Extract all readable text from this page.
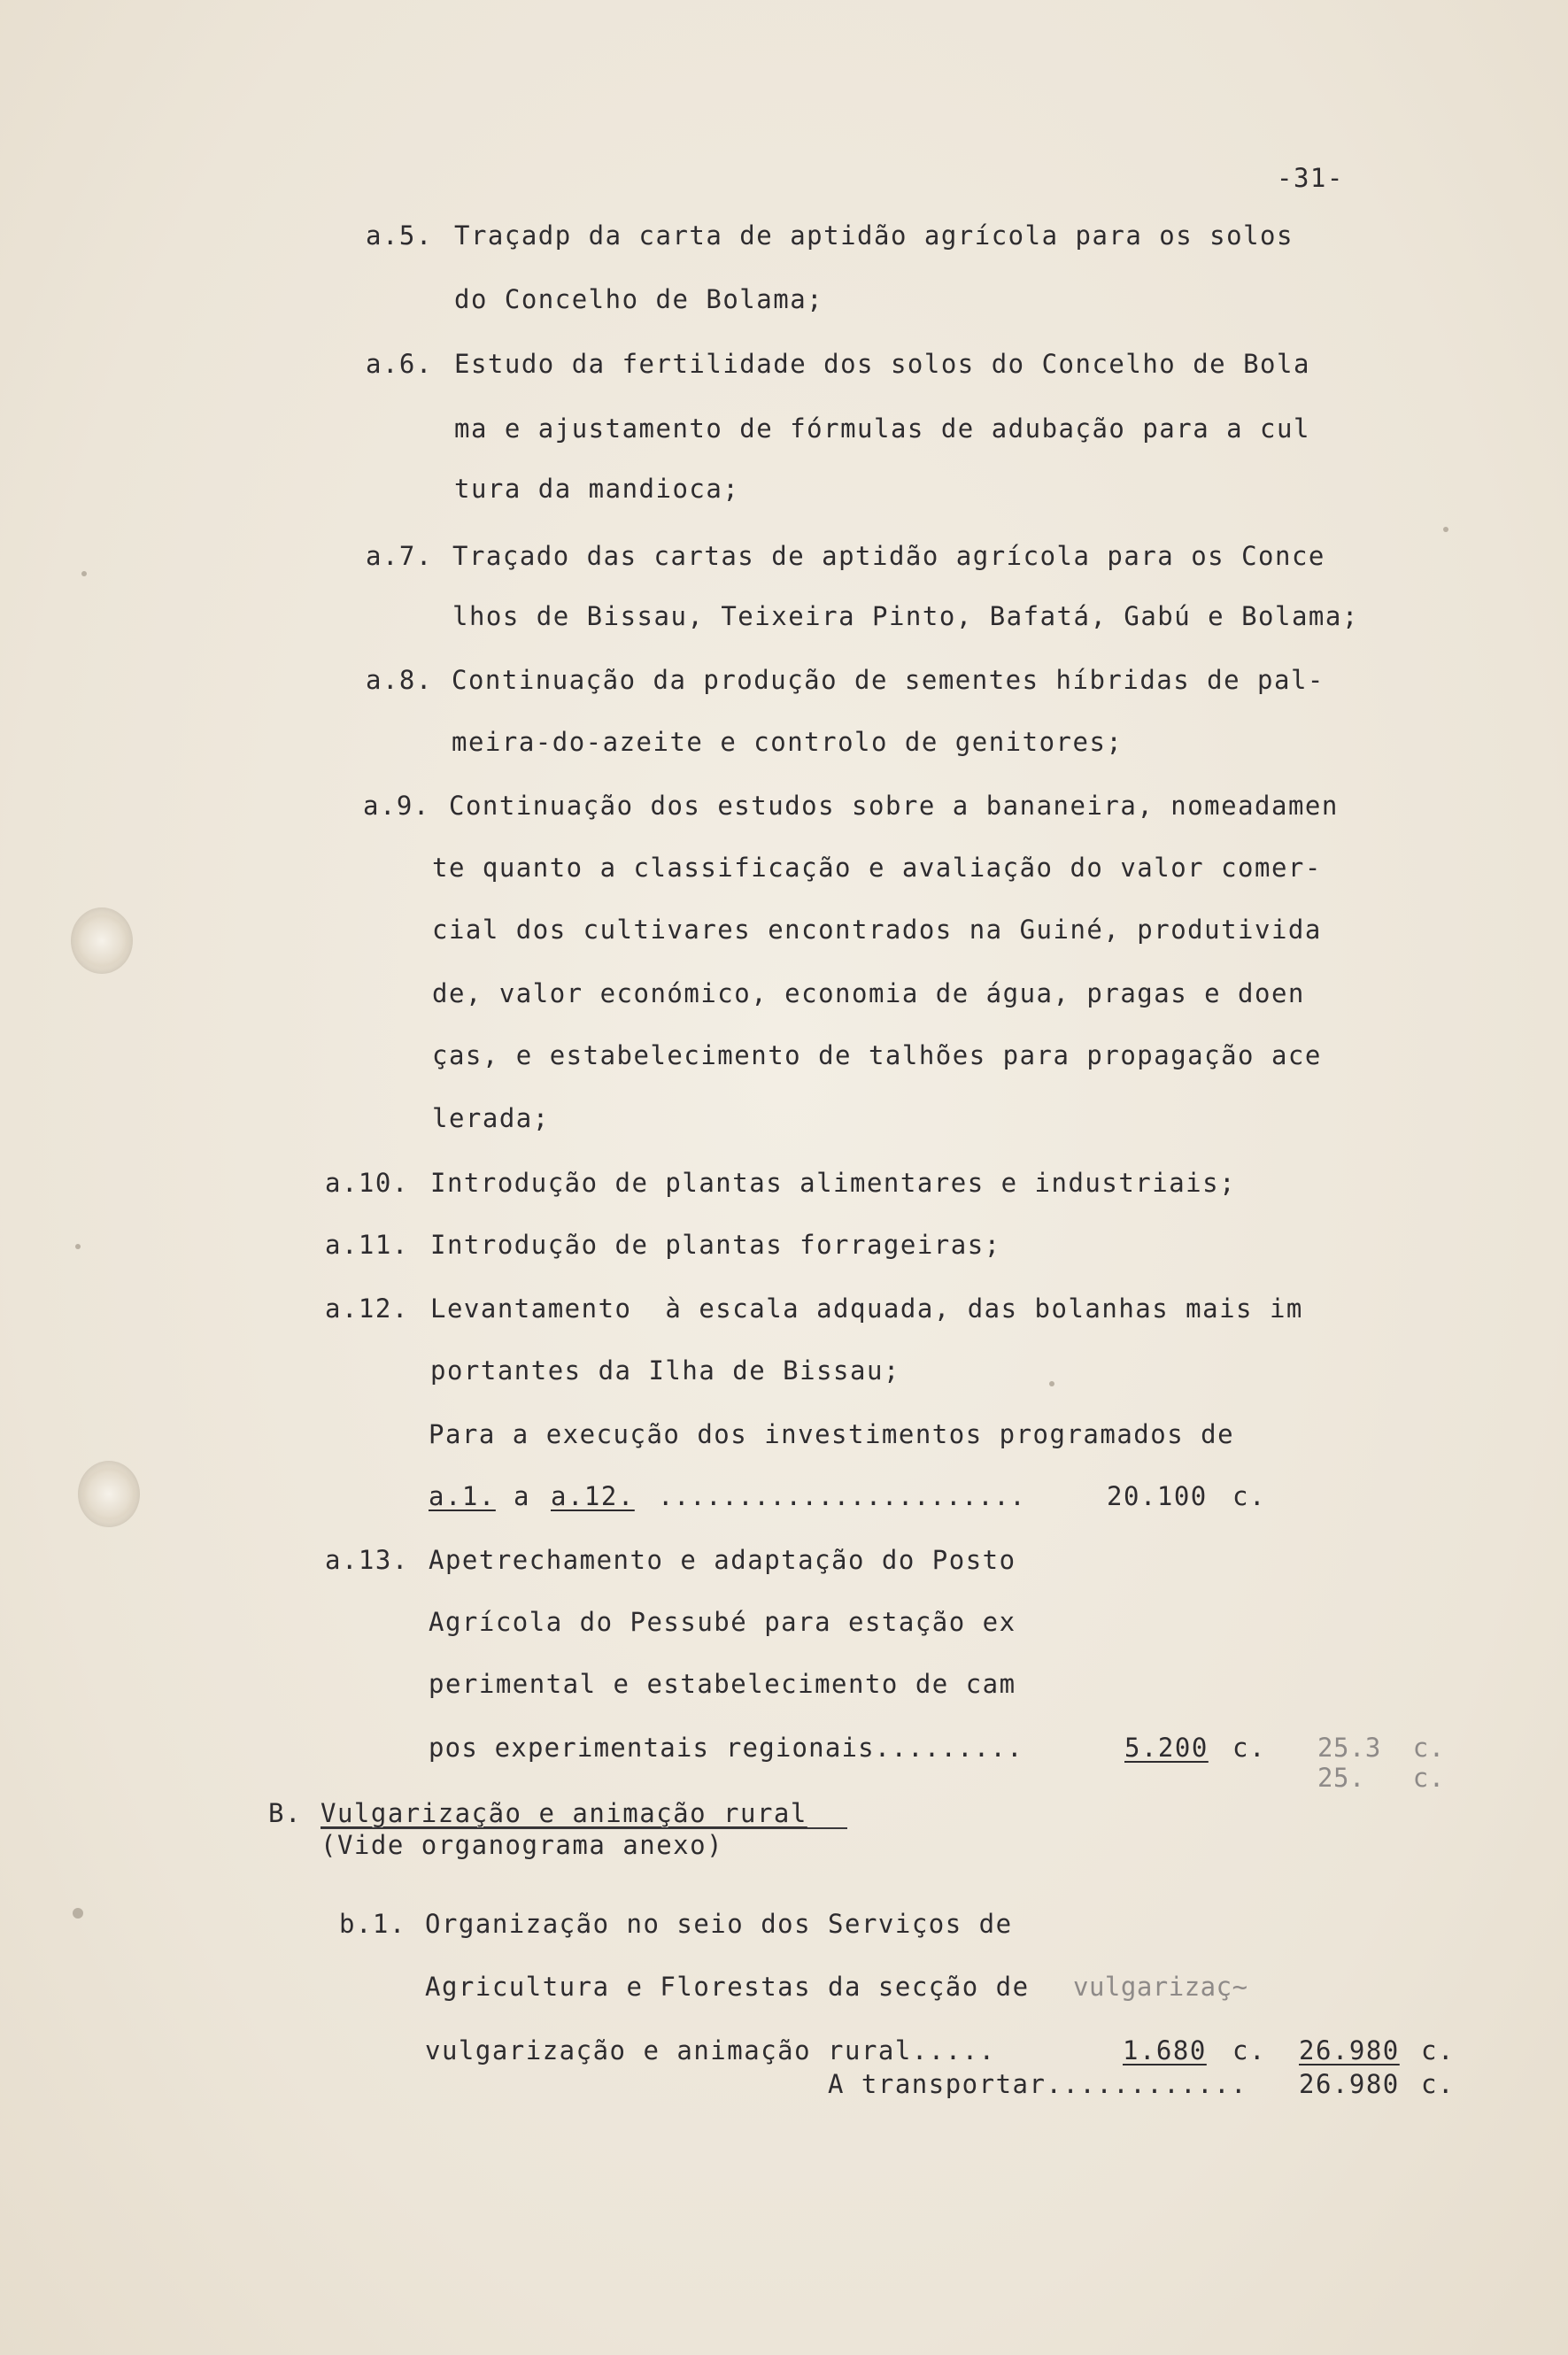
-31-
a.5. Traçadp da carta de aptidão agrícola para os solos
do Concelho de Bolama;
a.6. Estudo da fertilidade dos solos do Concelho de Bola
ma e ajustamento de fórmulas de adubação para a cul
tura da mandioca;
a.7. Traçado das cartas de aptidão agrícola para os Conce
lhos de Bissau, Teixeira Pinto, Bafatá, Gabú e Bolama;
a.8. Continuação da produção de sementes híbridas de pal-
meira-do-azeite e controlo de genitores;
a.9. Continuação dos estudos sobre a bananeira, nomeadamen
te quanto a classificação e avaliação do valor comer-
cial dos cultivares encontrados na Guiné, produtivida
de, valor económico, economia de água, pragas e doen
ças, e estabelecimento de talhões para propagação ace
lerada;
a.10. Introdução de plantas alimentares e industriais;
a.11. Introdução de plantas forrageiras;
a.12. Levantamento  à escala adquada, das bolanhas mais im
portantes da Ilha de Bissau;
Para a execução dos investimentos programados de
a.1. a a.12. .......................	20.100 c.
a.13. Apetrechamento e adaptação do Posto
Agrícola do Pessubé para estação ex
perimental e estabelecimento de cam
pos experimentais regionais.........	5.200 c. 25.3  c.
25.   c.
B. Vulgarização e animação rural
(Vide organograma anexo)
b.1. Organização no seio dos Serviços de
Agricultura e Florestas da secção de vulgarizaç~
vulgarização e animação rural.....	1.680 c. 26.980 c.
A transportar............ 26.980 c.
